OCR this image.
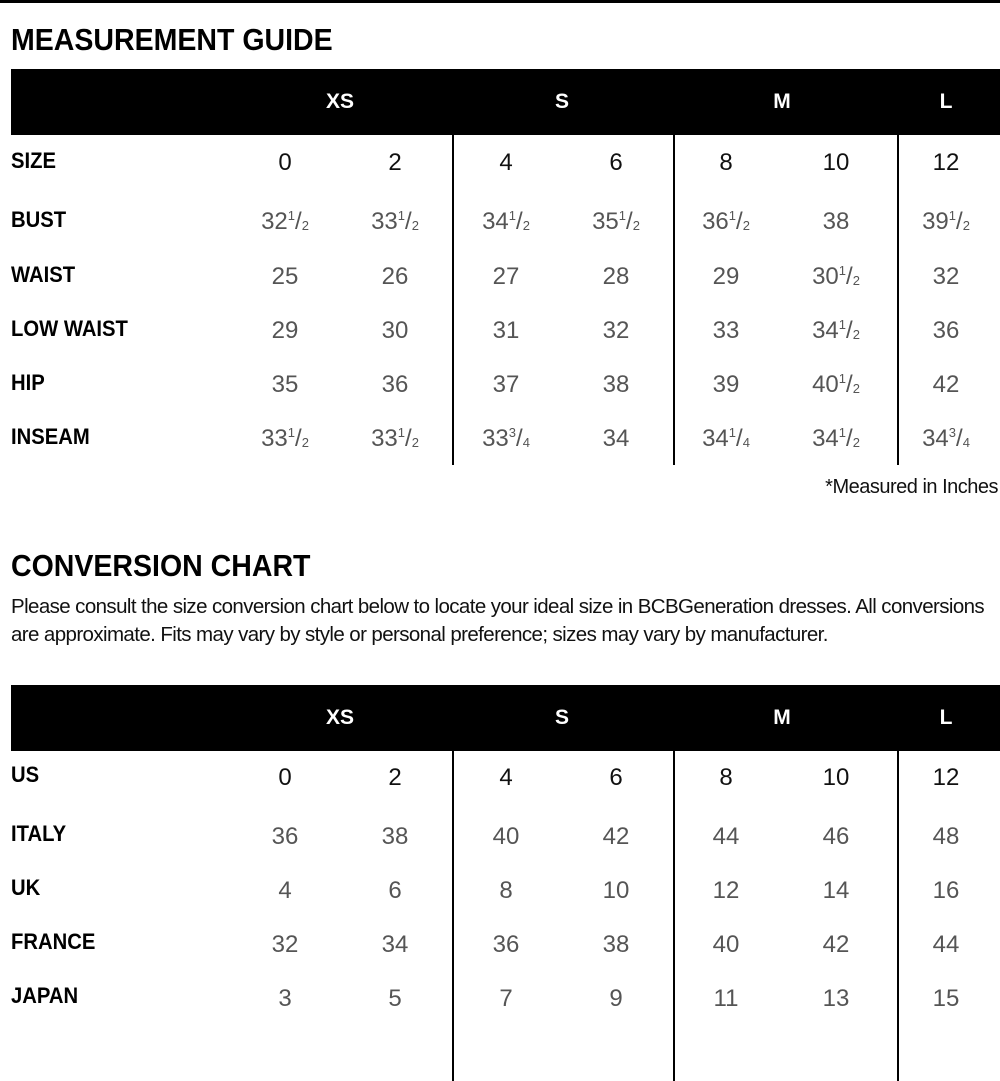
MEASUREMENT GUIDE
XS	S	M	L
SIZE	0	2	4	6	8	10	12
BUST	$32^1/_2$	$33^1/_2$	$34^1/_2$	$35^1/_2$	$36^1/_2$	38	$39^1/_2$
WAIST	25	26	27	28	29	$30^1/_2$	32
LOW WAIST	29	30	31	32	33	$34^1/_2$	36
HIP	35	36	37	38	39	$40^1/_2$	42
INSEAM	$33^1/_2$	$33^1/_2$	$33^3/_4$	34	$34^1/_4$	$34^1/_2$	$34^3/_4$
*Measured in Inches
CONVERSION CHART

Please consult the size conversion chart below to locate your ideal size in BCBGeneration dresses. All conversions are approximate. Fits may vary by style or personal preference; sizes may vary by manufacturer.

XS	S	M	L
US	0	2	4	6	8	10	12
ITALY	36	38	40	42	44	46	48
UK	4	6	8	10	12	14	16
FRANCE	32	34	36	38	40	42	44
JAPAN	3	5	7	9	11	13	15
